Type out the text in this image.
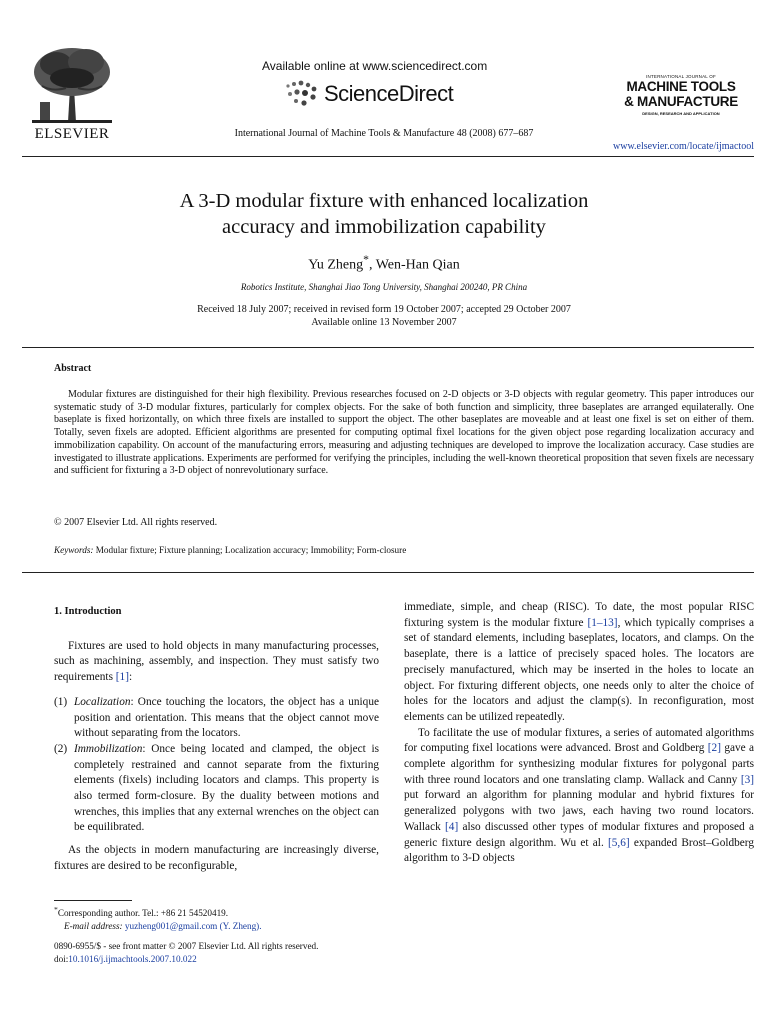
ELSEVIER
Available online at www.sciencedirect.com
ScienceDirect
INTERNATIONAL JOURNAL OF
MACHINE TOOLS
& MANUFACTURE
DESIGN, RESEARCH AND APPLICATION
International Journal of Machine Tools & Manufacture 48 (2008) 677–687
www.elsevier.com/locate/ijmactool
A 3-D modular fixture with enhanced localization
accuracy and immobilization capability
Yu Zheng*, Wen-Han Qian
Robotics Institute, Shanghai Jiao Tong University, Shanghai 200240, PR China
Received 18 July 2007; received in revised form 19 October 2007; accepted 29 October 2007
Available online 13 November 2007
Abstract

Modular fixtures are distinguished for their high flexibility. Previous researches focused on 2-D objects or 3-D objects with regular geometry. This paper introduces our systematic study of 3-D modular fixtures, particularly for complex objects. For the sake of both function and simplicity, three baseplates are arranged equilaterally. One baseplate is fixed horizontally, on which three fixels are installed to support the object. The other baseplates are moveable and at least one fixel is set on either of them. Totally, seven fixels are adopted. Efficient algorithms are presented for computing optimal fixel locations for the given object pose regarding localization accuracy and immobilization capability. On account of the manufacturing errors, measuring and adjusting techniques are developed to improve the localization accuracy. Case studies are investigated to illustrate applications. Experiments are performed for verifying the principles, including the well-known theoretical proposition that seven fixels are necessary and sufficient for fixturing a 3-D object of nonrevolutionary surface.

© 2007 Elsevier Ltd. All rights reserved.
Keywords: Modular fixture; Fixture planning; Localization accuracy; Immobility; Form-closure
1. Introduction

Fixtures are used to hold objects in many manufacturing processes, such as machining, assembly, and inspection. They must satisfy two requirements [1]:

(1) Localization: Once touching the locators, the object has a unique position and orientation. This means that the object cannot move without separating from the locators.
(2) Immobilization: Once being located and clamped, the object is completely restrained and cannot separate from the fixturing elements (fixels) including locators and clamps. This property is also termed form-closure. By the duality between motions and wrenches, this implies that any external wrenches on the object can be equilibrated.

As the objects in modern manufacturing are increasingly diverse, fixtures are desired to be reconfigurable,

immediate, simple, and cheap (RISC). To date, the most popular RISC fixturing system is the modular fixture [1–13], which typically comprises a set of standard elements, including baseplates, locators, and clamps. On the baseplate, there is a lattice of precisely spaced holes. The locators are precisely manufactured, which may be inserted in the holes to locate an object. For fixturing different objects, one needs only to alter the choice of holes for the locators and adjust the clamp(s). In reconfiguration, most elements can be utilized repeatedly.

To facilitate the use of modular fixtures, a series of automated algorithms for computing fixel locations were advanced. Brost and Goldberg [2] gave a complete algorithm for synthesizing modular fixtures for polygonal parts with three round locators and one translating clamp. Wallack and Canny [3] put forward an algorithm for planning modular and hybrid fixtures for generalized polygons with two jaws, each having two round locators. Wallack [4] also discussed other types of modular fixtures and proposed a generic fixture design algorithm. Wu et al. [5,6] expanded Brost–Goldberg algorithm to 3-D objects

*Corresponding author. Tel.: +86 21 54520419.
E-mail address: yuzheng001@gmail.com (Y. Zheng).
0890-6955/$ - see front matter © 2007 Elsevier Ltd. All rights reserved.
doi:10.1016/j.ijmachtools.2007.10.022
